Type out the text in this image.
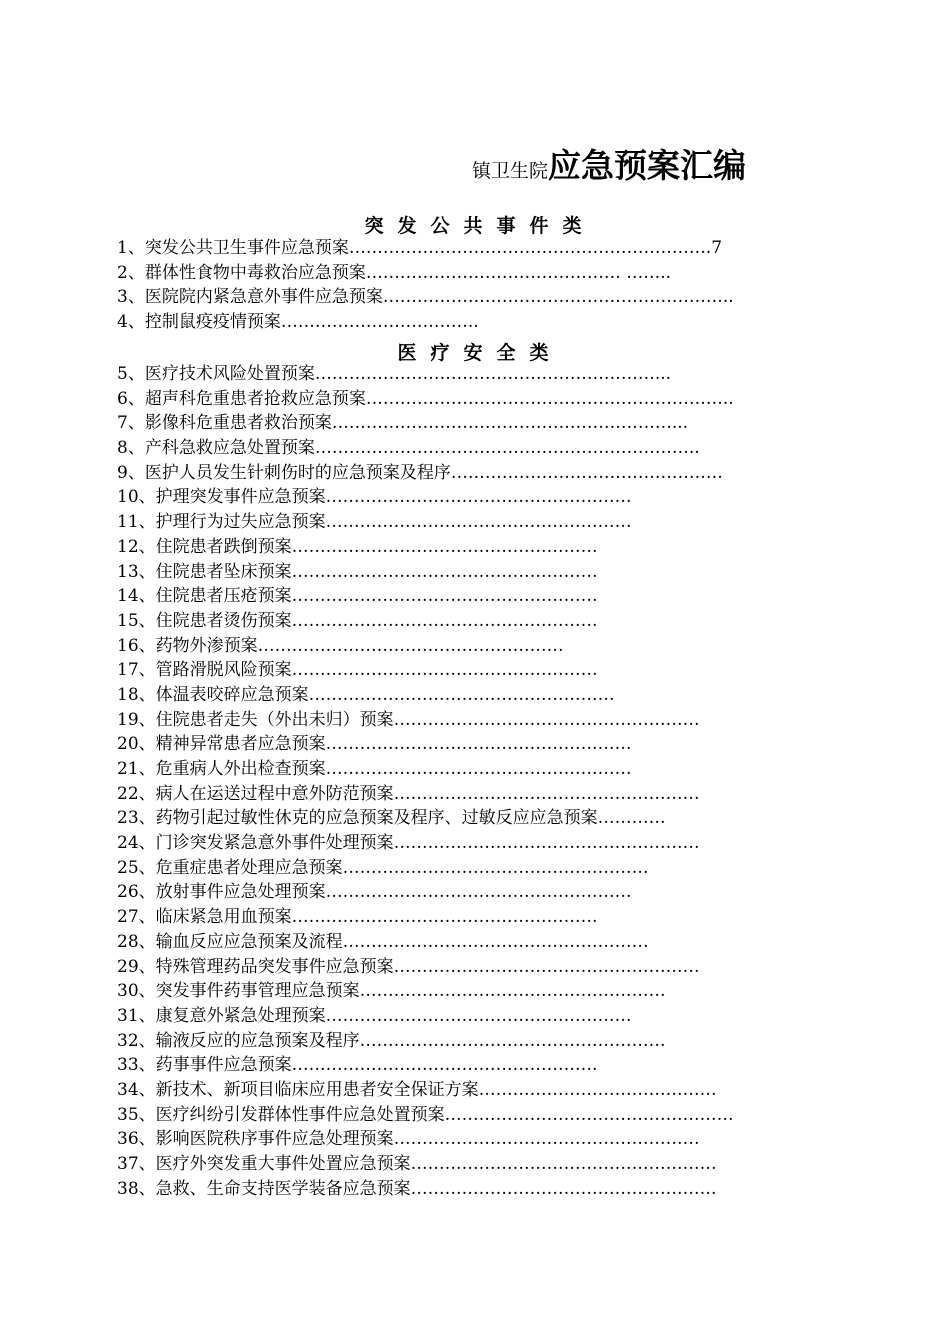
镇卫生院应急预案汇编
突发公共事件类
1、突发公共卫生事件应急预案……………………………………………………….7
2、群体性食物中毒救治应急预案……………………………………… ……..
3、医院院内紧急意外事件应急预案……………………………………………………..
4、控制鼠疫疫情预案……………………………..
医疗安全类
5、医疗技术风险处置预案……………………………………………………...
6、超声科危重患者抢救应急预案………………………………………………………..
7、影像科危重患者救治预案……………………………………………………...
8、产科急救应急处置预案…………………………………………………………..
9、医护人员发生针刺伤时的应急预案及程序…………………………………………
10、护理突发事件应急预案………………………………………………
11、护理行为过失应急预案………………………………………………
12、住院患者跌倒预案………………………………………………
13、住院患者坠床预案………………………………………………
14、住院患者压疮预案………………………………………………
15、住院患者烫伤预案………………………………………………
16、药物外渗预案………………………………………………
17、管路滑脱风险预案………………………………………………
18、体温表咬碎应急预案………………………………………………
19、住院患者走失（外出未归）预案………………………………………………
20、精神异常患者应急预案………………………………………………
21、危重病人外出检查预案………………………………………………
22、病人在运送过程中意外防范预案………………………………………………
23、药物引起过敏性休克的应急预案及程序、过敏反应应急预案…………
24、门诊突发紧急意外事件处理预案………………………………………………
25、危重症患者处理应急预案………………………………………………
26、放射事件应急处理预案………………………………………………
27、临床紧急用血预案………………………………………………
28、输血反应应急预案及流程………………………………………………
29、特殊管理药品突发事件应急预案………………………………………………
30、突发事件药事管理应急预案………………………………………………
31、康复意外紧急处理预案………………………………………………
32、输液反应的应急预案及程序………………………………………………
33、药事事件应急预案………………………………………………
34、新技术、新项目临床应用患者安全保证方案……………………………………
35、医疗纠纷引发群体性事件应急处置预案……………………………………………
36、影响医院秩序事件应急处理预案………………………………………………
37、医疗外突发重大事件处置应急预案………………………………………………
38、急救、生命支持医学装备应急预案………………………………………………
